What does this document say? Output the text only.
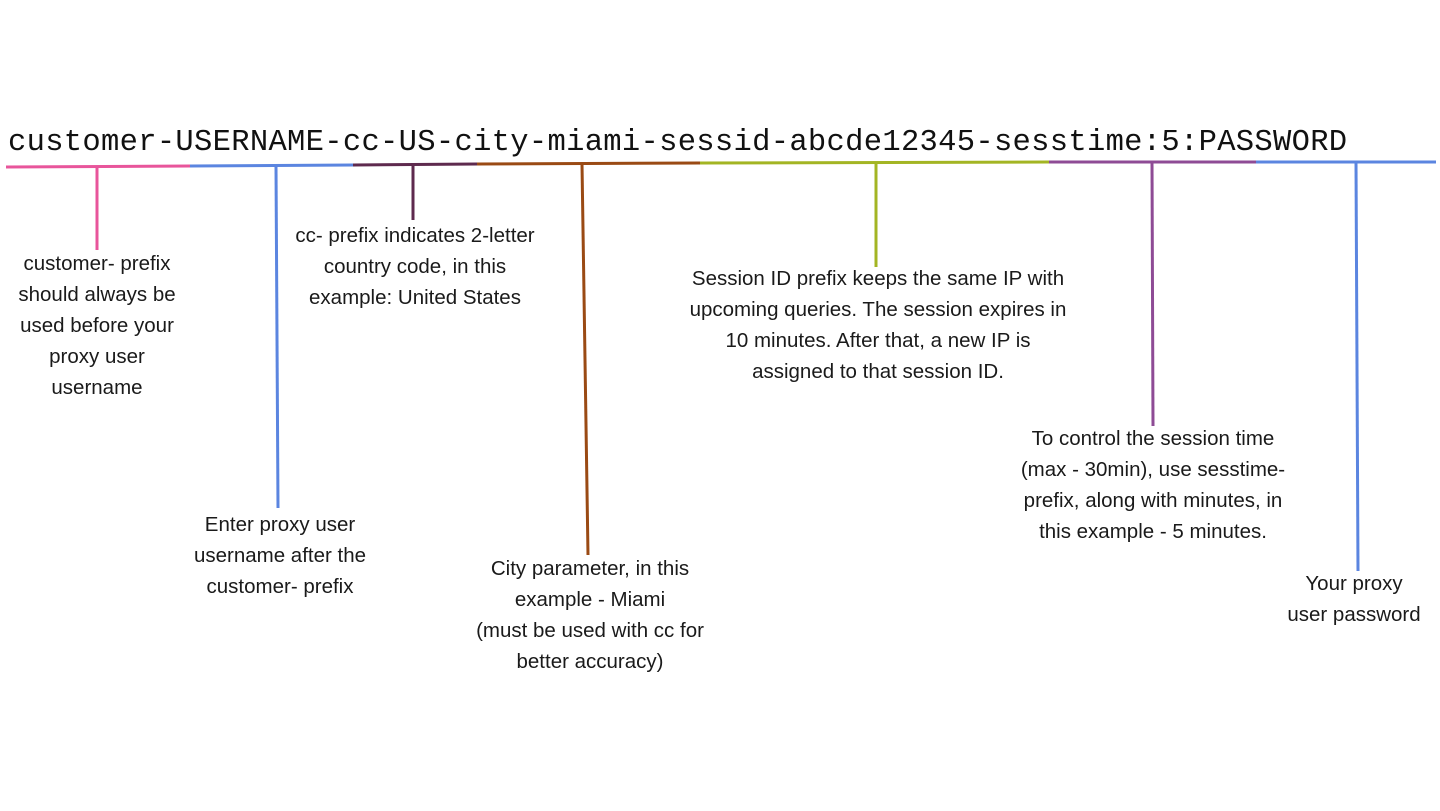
customer-USERNAME-cc-US-city-miami-sessid-abcde12345-sesstime:5:PASSWORD
customer- prefix
should always be
used before your
proxy user
username
Enter proxy user
username after the
customer- prefix
cc- prefix indicates 2-letter
country code, in this
example: United States
City parameter, in this
example - Miami
(must be used with cc for
better accuracy)
Session ID prefix keeps the same IP with
upcoming queries. The session expires in
10 minutes. After that, a new IP is
assigned to that session ID.
To control the session time
(max - 30min), use sesstime-
prefix, along with minutes, in
this example - 5 minutes.
Your proxy
user password
